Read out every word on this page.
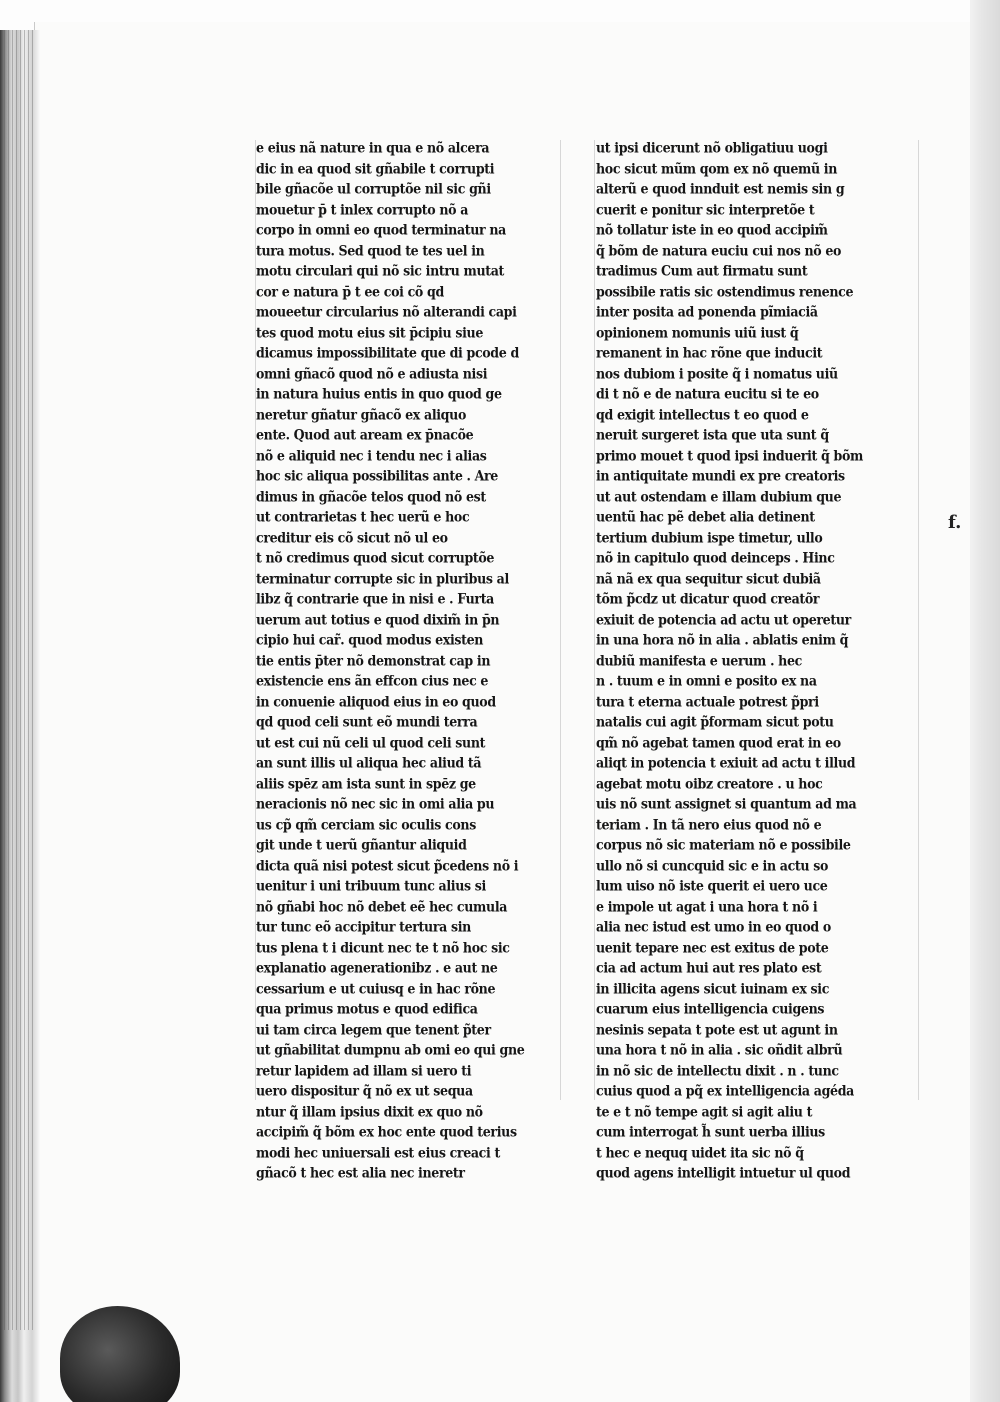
e eius nã nature in qua e nõ alcera
dic in ea quod sit gñabile t corrupti
bile gñacõe ul corruptõe nil sic gñi
mouetur p̄ t inlex corrupto nõ a
corpo in omni eo quod terminatur na
tura motus. Sed quod te tes uel in
motu circulari qui nõ sic intru mutat
cor e natura p̄ t ee coi cõ qd
moueetur circularius nõ alterandi capi
tes quod motu eius sit p̄cipiu siue
dicamus impossibilitate que di pcode d
omni gñacõ quod nõ e adiusta nisi
in natura huius entis in quo quod ge
neretur gñatur gñacõ ex aliquo
ente. Quod aut aream ex p̄nacõe
nõ e aliquid nec i tendu nec i alias
hoc sic aliqua possibilitas ante . Are
dimus in gñacõe telos quod nõ est
ut contrarietas t hec uerũ e hoc
creditur eis cõ sicut nõ ul eo
t nõ credimus quod sicut corruptõe
terminatur corrupte sic in pluribus al
libz q̃ contrarie que in nisi e . Furta
uerum aut totius e quod dixim̃ in p̄n
cipio hui car̃. quod modus existen
tie entis p̄ter nõ demonstrat cap in
existencie ens ãn effcon cius nec e
in conuenie aliquod eius in eo quod
qd quod celi sunt eõ mundi terra
ut est cui nũ celi ul quod celi sunt
an sunt illis ul aliqua hec aliud tã
aliis spēz am ista sunt in spēz ge
neracionis nõ nec sic in omi alia pu
us cp̃ qm̃ cerciam sic oculis cons
git unde t uerũ gñantur aliquid
dicta quã nisi potest sicut p̃cedens nõ i
uenitur i uni tribuum tunc alius si
nõ gñabi hoc nõ debet eẽ hec cumula
tur tunc eõ accipitur tertura sin
tus plena t i dicunt nec te t nõ hoc sic
explanatio agenerationibz . e aut ne
cessarium e ut cuiusq e in hac rõne
qua primus motus e quod edifica
ui tam circa legem que tenent p̃ter
ut gñabilitat dumpnu ab omi eo qui gne
retur lapidem ad illam si uero ti
uero dispositur q̃ nõ ex ut sequa
ntur q̃ illam ipsius dixit ex quo nõ
accipim̃ q̃ bõm ex hoc ente quod terius
modi hec uniuersali est eius creaci t
gñacõ t hec est alia nec ineretr
ut ipsi dicerunt nõ obligatiuu uogi
hoc sicut mũm qom ex nõ quemũ in
alterũ e quod innduit est nemis sin g
cuerit e ponitur sic interpretõe t
nõ tollatur iste in eo quod accipim̃
q̃ bõm de natura euciu cui nos nõ eo
tradimus Cum aut firmatu sunt
possibile ratis sic ostendimus renence
inter posita ad ponenda pĩmiaciã
opinionem nomunis uiũ iust q̃
remanent in hac rõne que inducit
nos dubiom i posite q̃ i nomatus uiũ
di t nõ e de natura eucitu si te eo
qd exigit intellectus t eo quod e
neruit surgeret ista que uta sunt q̃
primo mouet t quod ipsi induerit q̃ bõm
in antiquitate mundi ex pre creatoris
ut aut ostendam e illam dubium que
uentũ hac pẽ debet alia detinent
tertium dubium ispe timetur, ullo
nõ in capitulo quod deinceps . Hinc
nã nã ex qua sequitur sicut dubiã
tõm p̃cdz ut dicatur quod creatõr
exiuit de potencia ad actu ut operetur
in una hora nõ in alia . ablatis enim q̃
dubiũ manifesta e uerum . hec
n . tuum e in omni e posito ex na
tura t eterna actuale potrest p̃pri
natalis cui agit p̃formam sicut potu
qm̃ nõ agebat tamen quod erat in eo
aliqt in potencia t exiuit ad actu t illud
agebat motu oibz creatore . u hoc
uis nõ sunt assignet si quantum ad ma
teriam . In tã nero eius quod nõ e
corpus nõ sic materiam nõ e possibile
ullo nõ si cuncquid sic e in actu so
lum uiso nõ iste querit ei uero uce
e impole ut agat i una hora t nõ i
alia nec istud est umo in eo quod o
uenit tepare nec est exitus de pote
cia ad actum hui aut res plato est
in illicita agens sicut iuinam ex sic
cuarum eius intelligencia cuigens
nesinis sepata t pote est ut agunt in
una hora t nõ in alia . sic oñdit albrũ
in nõ sic de intellectu dixit . n . tunc
cuius quod a pq̃ ex intelligencia agéda
te e t nõ tempe agit si agit aliu t
cum interrogat h̃ sunt uerba illius
t hec e nequq uidet ita sic nõ q̃
quod agens intelligit intuetur ul quod
f.
